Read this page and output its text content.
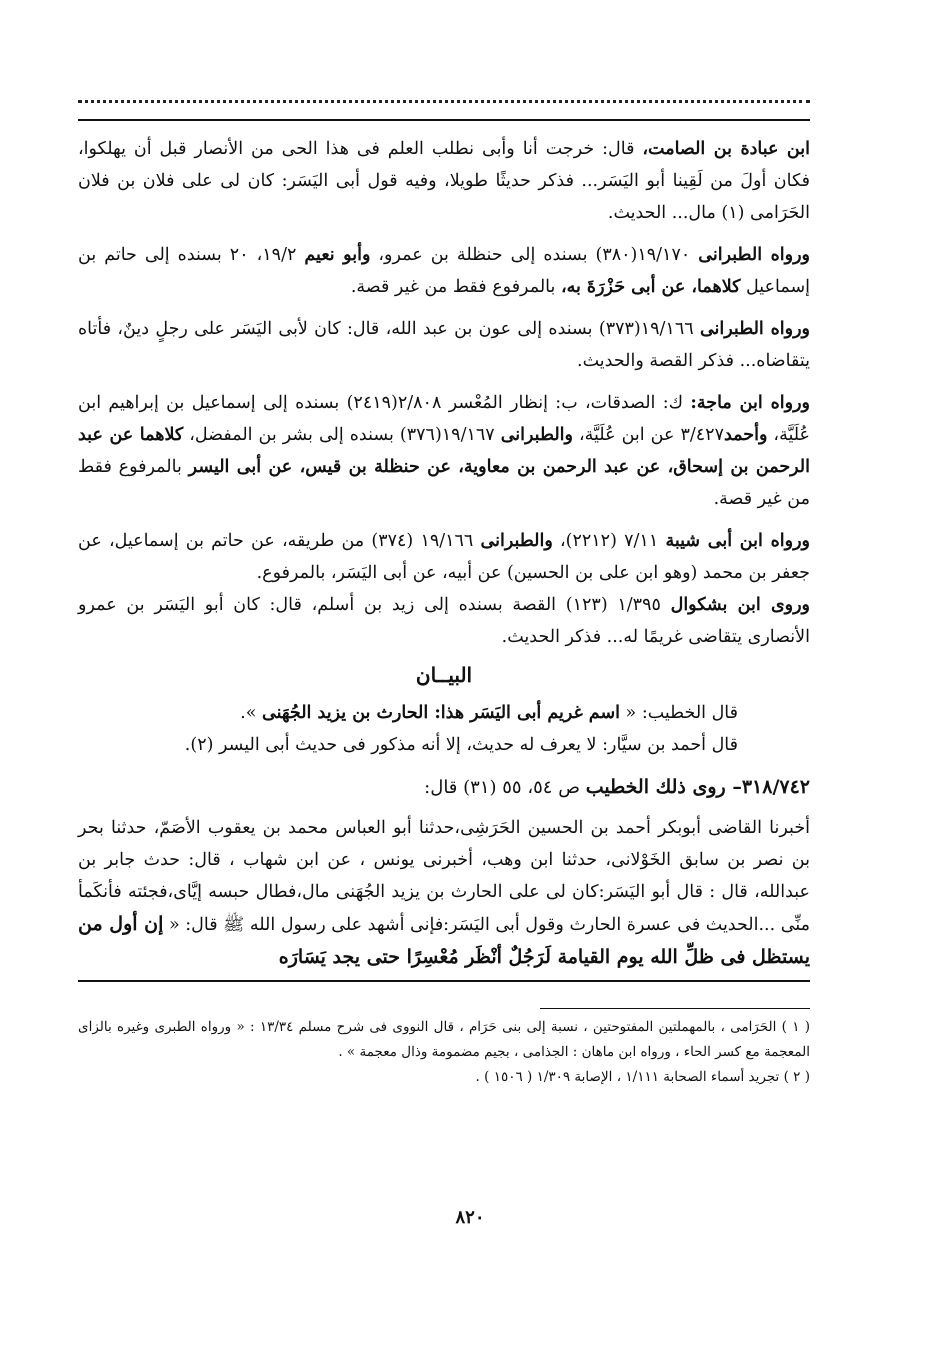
ابن عبادة بن الصامت، قال: خرجت أنا وأبى نطلب العلم فى هذا الحى من الأنصار قبل أن يهلكوا، فكان أولَ من لَقِينا أبو اليَسَر... فذكر حديثًا طويلا، وفيه قول أبى اليَسَر: كان لى على فلان بن فلان الحَرَامى (١) مال... الحديث.

ورواه الطبرانى ١٩/١٧٠(٣٨٠) بسنده إلى حنظلة بن عمرو، وأبو نعيم ١٩/٢، ٢٠ بسنده إلى حاتم بن إسماعيل كلاهما، عن أبى حَزْرَةَ به، بالمرفوع فقط من غير قصة.

ورواه الطبرانى ١٩/١٦٦(٣٧٣) بسنده إلى عون بن عبد الله، قال: كان لأبى اليَسَر على رجلٍ دينٌ، فأتاه يتقاضاه... فذكر القصة والحديث.

ورواه ابن ماجة: ك: الصدقات، ب: إنظار المُعْسر ٢/٨٠٨(٢٤١٩) بسنده إلى إسماعيل بن إبراهيم ابن عُلَيَّة، وأحمد٣/٤٢٧ عن ابن عُلَيَّة، والطبرانى ١٩/١٦٧(٣٧٦) بسنده إلى بشر بن المفضل، كلاهما عن عبد الرحمن بن إسحاق، عن عبد الرحمن بن معاوية، عن حنظلة بن قيس، عن أبى اليسر بالمرفوع فقط من غير قصة.

ورواه ابن أبى شيبة ٧/١١ (٢٢١٢)، والطبرانى ١٩/١٦٦ (٣٧٤) من طريقه، عن حاتم بن إسماعيل، عن جعفر بن محمد (وهو ابن على بن الحسين) عن أبيه، عن أبى اليَسَر، بالمرفوع.

وروى ابن بشكوال ١/٣٩٥ (١٢٣) القصة بسنده إلى زيد بن أسلم، قال: كان أبو اليَسَر بن عمرو الأنصارى يتقاضى غريمًا له... فذكر الحديث.

البيــان

قال الخطيب: « اسم غريم أبى اليَسَر هذا: الحارث بن يزيد الجُهَنى ».

قال أحمد بن سيَّار: لا يعرف له حديث، إلا أنه مذكور فى حديث أبى اليسر (٢).

٣١٨/٧٤٢– روى ذلك الخطيب ص ٥٤، ٥٥ (٣١) قال:

أخبرنا القاضى أبوبكر أحمد بن الحسين الحَرَشِى،حدثنا أبو العباس محمد بن يعقوب الأصَمّ، حدثنا بحر بن نصر بن سابق الخَوْلانى، حدثنا ابن وهب، أخبرنى يونس ، عن ابن شهاب ، قال: حدث جابر بن عبدالله، قال : قال أبو اليَسَر:كان لى على الحارث بن يزيد الجُهَنى مال،فطال حبسه إيَّاى،فجئته فأنكَمأ منِّى ...الحديث فى عسرة الحارث وقول أبى اليَسَر:فإنى أشهد على رسول الله ﷺ قال: « إن أول من يستظل فى ظلِّ الله يوم القيامة لَرَجُلٌ أنْظَر مُعْسِرًا حتى يجد يَسَارَه

( ١ ) الحَرَامى ، بالمهملتين المفتوحتين ، نسبة إلى بنى حَرَام ، قال النووى فى شرح مسلم ١٣/٣٤ : « ورواه الطبرى وغيره بالزاى المعجمة مع كسر الحاء ، ورواه ابن ماهان : الجذامى ، بجيم مضمومة وذال معجمة » .

( ٢ ) تجريد أسماء الصحابة ١/١١١ ، الإصابة ١/٣٠٩ ( ١٥٠٦ ) .

٨٢٠
